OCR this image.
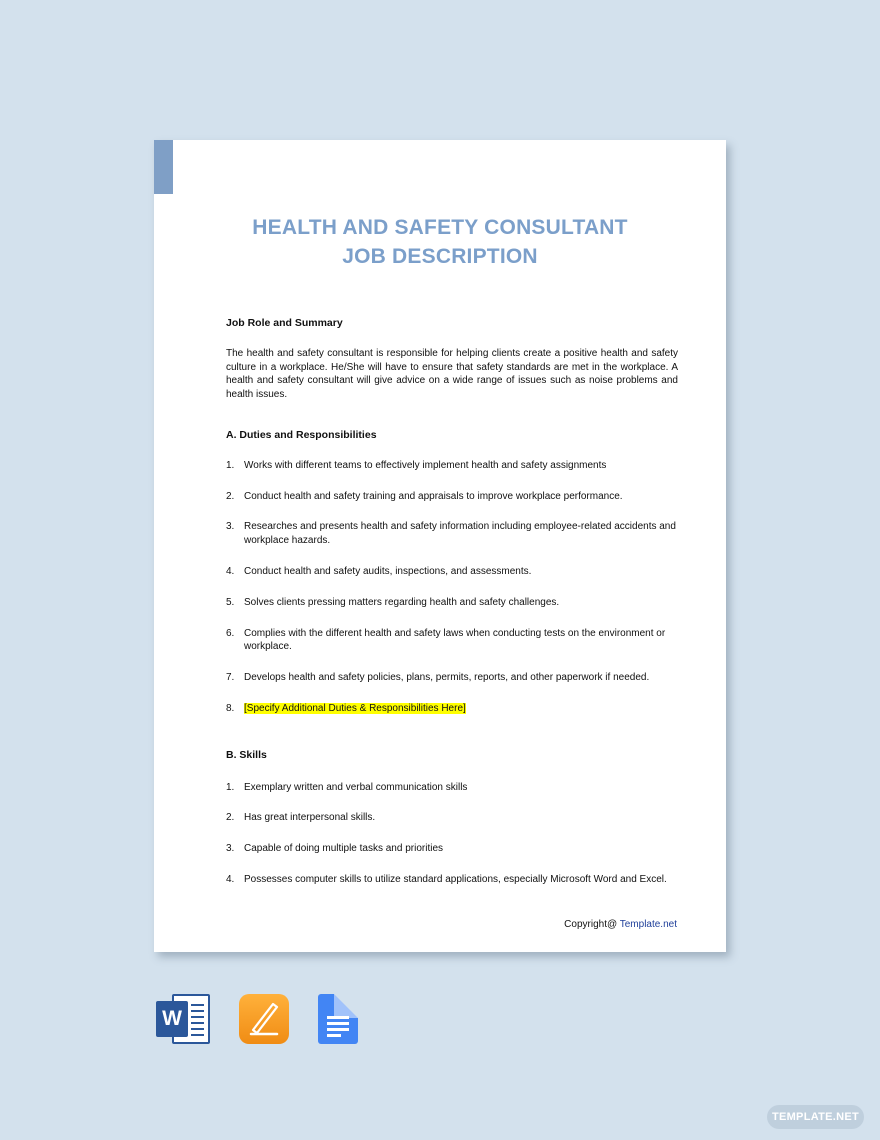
HEALTH AND SAFETY CONSULTANT
JOB DESCRIPTION
Job Role and Summary

The health and safety consultant is responsible for helping clients create a positive health and safety culture in a workplace. He/She will have to ensure that safety standards are met in the workplace. A health and safety consultant will give advice on a wide range of issues such as noise problems and health issues.

A. Duties and Responsibilities
1. Works with different teams to effectively implement health and safety assignments
2. Conduct health and safety training and appraisals to improve workplace performance.
3. Researches and presents health and safety information including employee-related accidents and workplace hazards.
4. Conduct health and safety audits, inspections, and assessments.
5. Solves clients pressing matters regarding health and safety challenges.
6. Complies with the different health and safety laws when conducting tests on the environment or workplace.
7. Develops health and safety policies, plans, permits, reports, and other paperwork if needed.
8. [Specify Additional Duties & Responsibilities Here]
B. Skills
1. Exemplary written and verbal communication skills
2. Has great interpersonal skills.
3. Capable of doing multiple tasks and priorities
4. Possesses computer skills to utilize standard applications, especially Microsoft Word and Excel.
Copyright@ Template.net
W
TEMPLATE.NET
